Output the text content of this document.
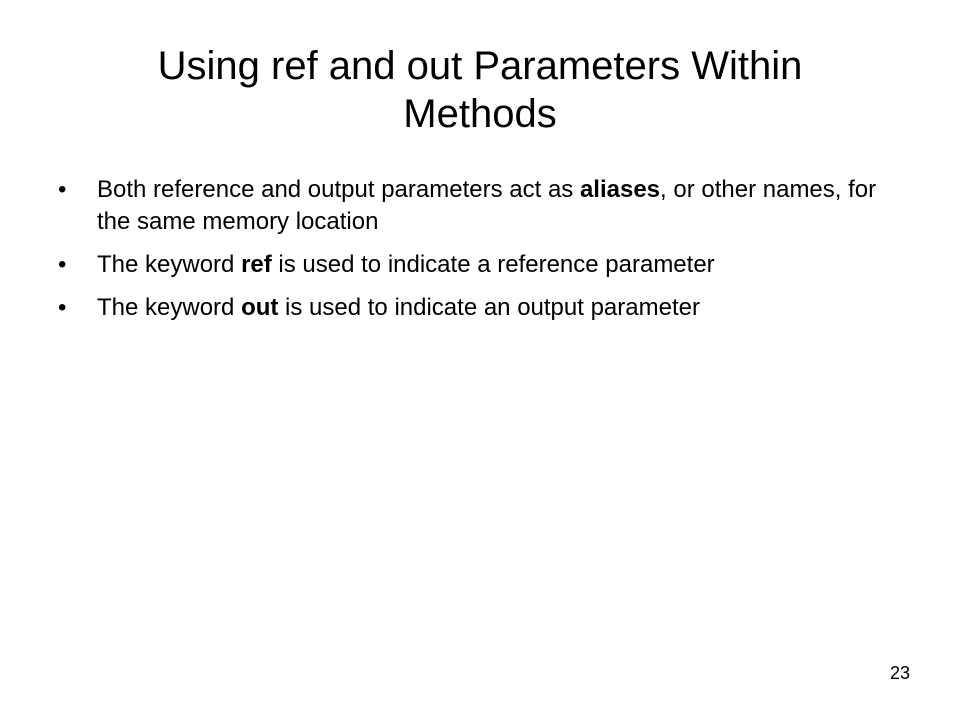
Using ref and out Parameters Within
Methods
•	Both reference and output parameters act as aliases, or other names, for the same memory location
•	The keyword ref is used to indicate a reference parameter
•	The keyword out is used to indicate an output parameter
23
